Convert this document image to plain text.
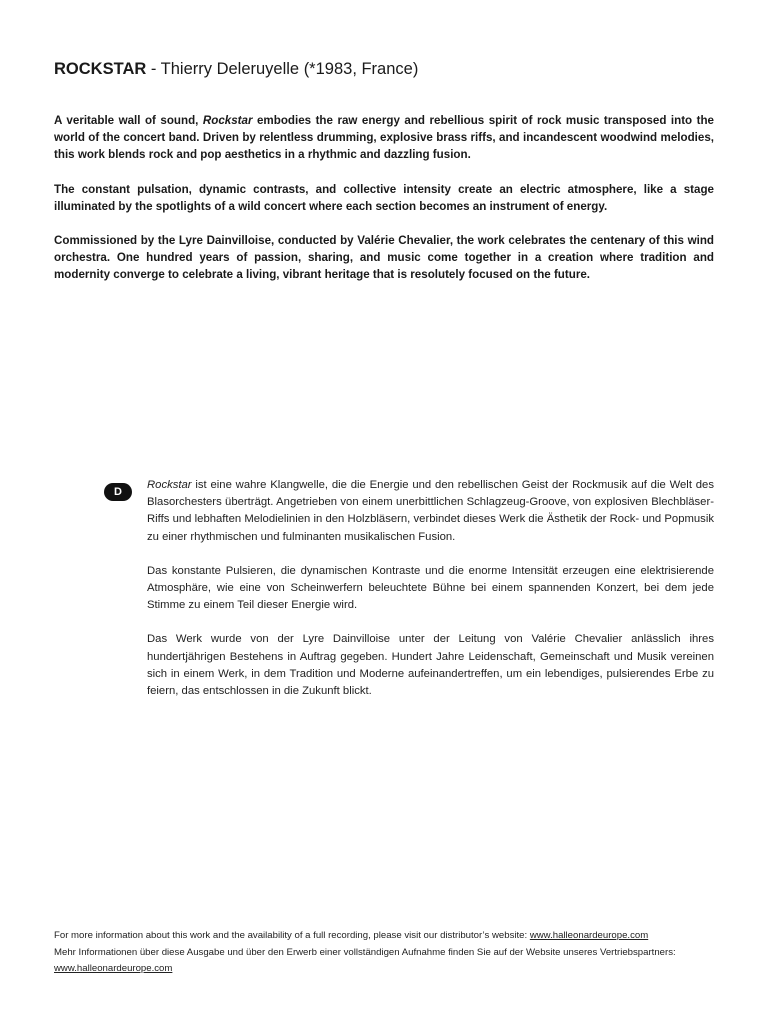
ROCKSTAR - Thierry Deleruyelle (*1983, France)

A veritable wall of sound, Rockstar embodies the raw energy and rebellious spirit of rock music transposed into the world of the concert band. Driven by relentless drumming, explosive brass riffs, and incandescent woodwind melodies, this work blends rock and pop aesthetics in a rhythmic and dazzling fusion.

The constant pulsation, dynamic contrasts, and collective intensity create an electric atmosphere, like a stage illuminated by the spotlights of a wild concert where each section becomes an instrument of energy.

Commissioned by the Lyre Dainvilloise, conducted by Valérie Chevalier, the work celebrates the centenary of this wind orchestra. One hundred years of passion, sharing, and music come together in a creation where tradition and modernity converge to celebrate a living, vibrant heritage that is resolutely focused on the future.

D

Rockstar ist eine wahre Klangwelle, die die Energie und den rebellischen Geist der Rockmusik auf die Welt des Blasorchesters überträgt. Angetrieben von einem unerbittlichen Schlagzeug-Groove, von explosiven Blechbläser-Riffs und lebhaften Melodielinien in den Holzbläsern, verbindet dieses Werk die Ästhetik der Rock- und Popmusik zu einer rhythmischen und fulminanten musikalischen Fusion.

Das konstante Pulsieren, die dynamischen Kontraste und die enorme Intensität erzeugen eine elektrisierende Atmosphäre, wie eine von Scheinwerfern beleuchtete Bühne bei einem spannenden Konzert, bei dem jede Stimme zu einem Teil dieser Energie wird.

Das Werk wurde von der Lyre Dainvilloise unter der Leitung von Valérie Chevalier anlässlich ihres hundertjährigen Bestehens in Auftrag gegeben. Hundert Jahre Leidenschaft, Gemeinschaft und Musik vereinen sich in einem Werk, in dem Tradition und Moderne aufeinandertreffen, um ein lebendiges, pulsierendes Erbe zu feiern, das entschlossen in die Zukunft blickt.

For more information about this work and the availability of a full recording, please visit our distributor’s website: www.halleonardeurope.com
Mehr Informationen über diese Ausgabe und über den Erwerb einer vollständigen Aufnahme finden Sie auf der Website unseres Vertriebspartners: www.halleonardeurope.com
